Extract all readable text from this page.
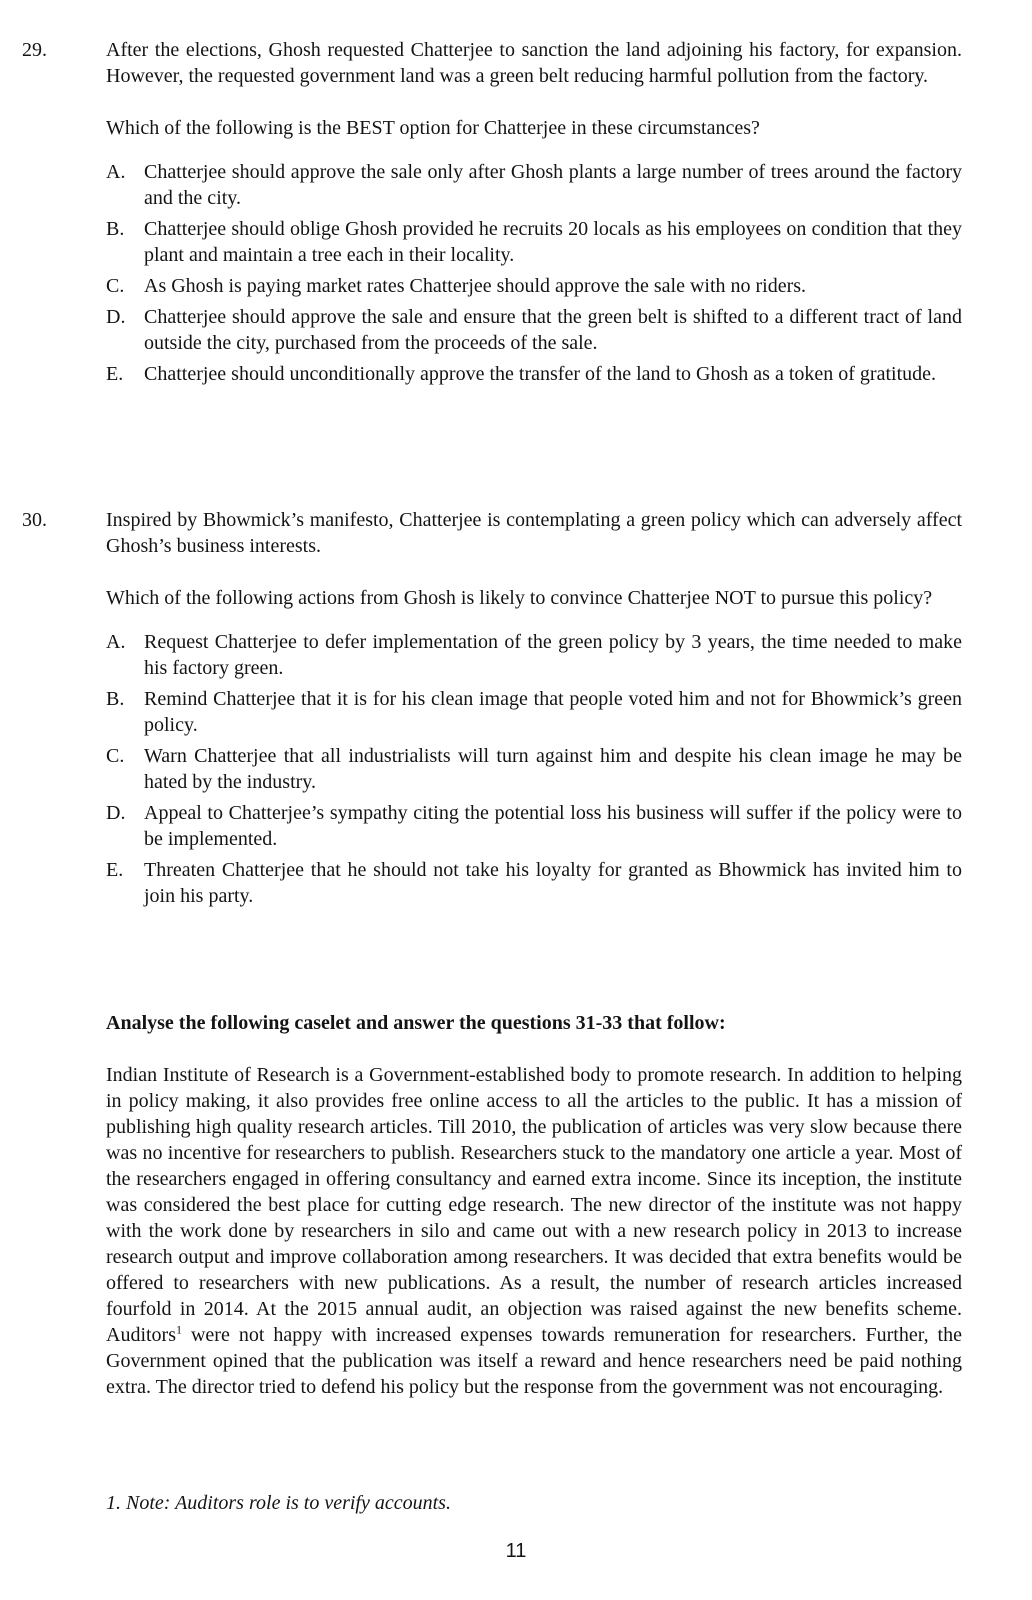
29.	After the elections, Ghosh requested Chatterjee to sanction the land adjoining his factory, for expansion. However, the requested government land was a green belt reducing harmful pollution from the factory.

Which of the following is the BEST option for Chatterjee in these circumstances?

A. Chatterjee should approve the sale only after Ghosh plants a large number of trees around the factory and the city.
B. Chatterjee should oblige Ghosh provided he recruits 20 locals as his employees on condition that they plant and maintain a tree each in their locality.
C. As Ghosh is paying market rates Chatterjee should approve the sale with no riders.
D. Chatterjee should approve the sale and ensure that the green belt is shifted to a different tract of land outside the city, purchased from the proceeds of the sale.
E. Chatterjee should unconditionally approve the transfer of the land to Ghosh as a token of gratitude.
30.	Inspired by Bhowmick’s manifesto, Chatterjee is contemplating a green policy which can adversely affect Ghosh’s business interests.

Which of the following actions from Ghosh is likely to convince Chatterjee NOT to pursue this policy?

A. Request Chatterjee to defer implementation of the green policy by 3 years, the time needed to make his factory green.
B. Remind Chatterjee that it is for his clean image that people voted him and not for Bhowmick’s green policy.
C. Warn Chatterjee that all industrialists will turn against him and despite his clean image he may be hated by the industry.
D. Appeal to Chatterjee’s sympathy citing the potential loss his business will suffer if the policy were to be implemented.
E. Threaten Chatterjee that he should not take his loyalty for granted as Bhowmick has invited him to join his party.

Analyse the following caselet and answer the questions 31-33 that follow:

Indian Institute of Research is a Government-established body to promote research. In addition to helping in policy making, it also provides free online access to all the articles to the public. It has a mission of publishing high quality research articles. Till 2010, the publication of articles was very slow because there was no incentive for researchers to publish. Researchers stuck to the mandatory one article a year. Most of the researchers engaged in offering consultancy and earned extra income. Since its inception, the institute was considered the best place for cutting edge research. The new director of the institute was not happy with the work done by researchers in silo and came out with a new research policy in 2013 to increase research output and improve collaboration among researchers. It was decided that extra benefits would be offered to researchers with new publications. As a result, the number of research articles increased fourfold in 2014. At the 2015 annual audit, an objection was raised against the new benefits scheme. Auditors$^1$ were not happy with increased expenses towards remuneration for researchers. Further, the Government opined that the publication was itself a reward and hence researchers need be paid nothing extra. The director tried to defend his policy but the response from the government was not encouraging.

1. Note: Auditors role is to verify accounts.

11
